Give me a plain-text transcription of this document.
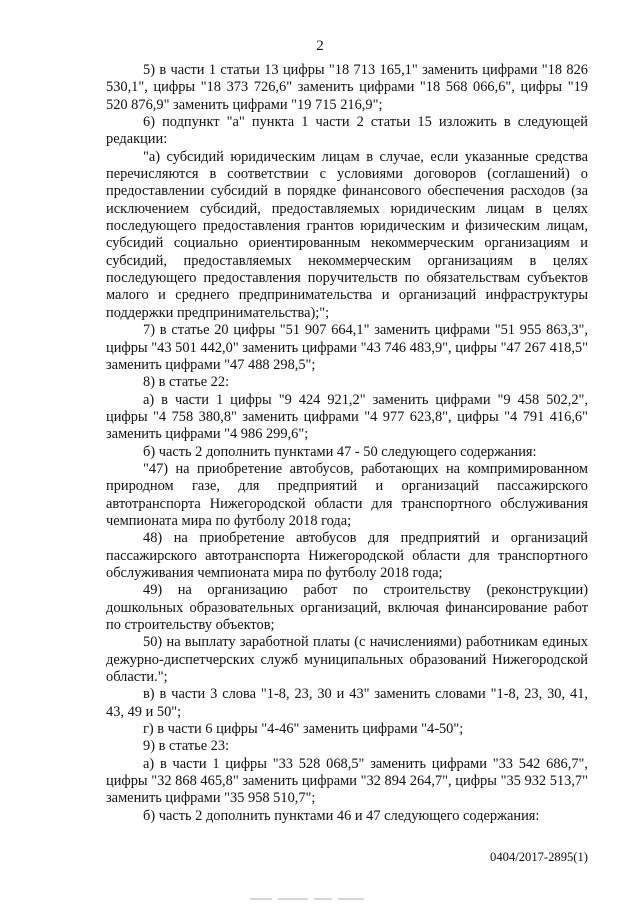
2

5) в части 1 статьи 13 цифры "18 713 165,1" заменить цифрами "18 826 530,1", цифры "18 373 726,6" заменить цифрами "18 568 066,6", цифры "19 520 876,9" заменить цифрами "19 715 216,9";

6) подпункт "а" пункта 1 части 2 статьи 15 изложить в следующей редакции:

"а) субсидий юридическим лицам в случае, если указанные средства перечисляются в соответствии с условиями договоров (соглашений) о предоставлении субсидий в порядке финансового обеспечения расходов (за исключением субсидий, предоставляемых юридическим лицам в целях последующего предоставления грантов юридическим и физическим лицам, субсидий социально ориентированным некоммерческим организациям и субсидий, предоставляемых некоммерческим организациям в целях последующего предоставления поручительств по обязательствам субъектов малого и среднего предпринимательства и организаций инфраструктуры поддержки предпринимательства);";

7) в статье 20 цифры "51 907 664,1" заменить цифрами "51 955 863,3", цифры "43 501 442,0" заменить цифрами "43 746 483,9", цифры "47 267 418,5" заменить цифрами "47 488 298,5";

8) в статье 22:

а) в части 1 цифры "9 424 921,2" заменить цифрами "9 458 502,2", цифры "4 758 380,8" заменить цифрами "4 977 623,8", цифры "4 791 416,6" заменить цифрами "4 986 299,6";

б) часть 2 дополнить пунктами 47 - 50 следующего содержания:

"47) на приобретение автобусов, работающих на компримированном природном газе, для предприятий и организаций пассажирского автотранспорта Нижегородской области для транспортного обслуживания чемпионата мира по футболу 2018 года;

48) на приобретение автобусов для предприятий и организаций пассажирского автотранспорта Нижегородской области для транспортного обслуживания чемпионата мира по футболу 2018 года;

49) на организацию работ по строительству (реконструкции) дошкольных образовательных организаций, включая финансирование работ по строительству объектов;

50) на выплату заработной платы (с начислениями) работникам единых дежурно-диспетчерских служб муниципальных образований Нижегородской области.";

в) в части 3 слова "1-8, 23, 30 и 43" заменить словами "1-8, 23, 30, 41, 43, 49 и 50";

г) в части 6 цифры "4-46" заменить цифрами "4-50";

9) в статье 23:

а) в части 1 цифры "33 528 068,5" заменить цифрами "33 542 686,7", цифры "32 868 465,8" заменить цифрами "32 894 264,7", цифры "35 932 513,7" заменить цифрами "35 958 510,7";

б) часть 2 дополнить пунктами 46 и 47 следующего содержания:

0404/2017-2895(1)
